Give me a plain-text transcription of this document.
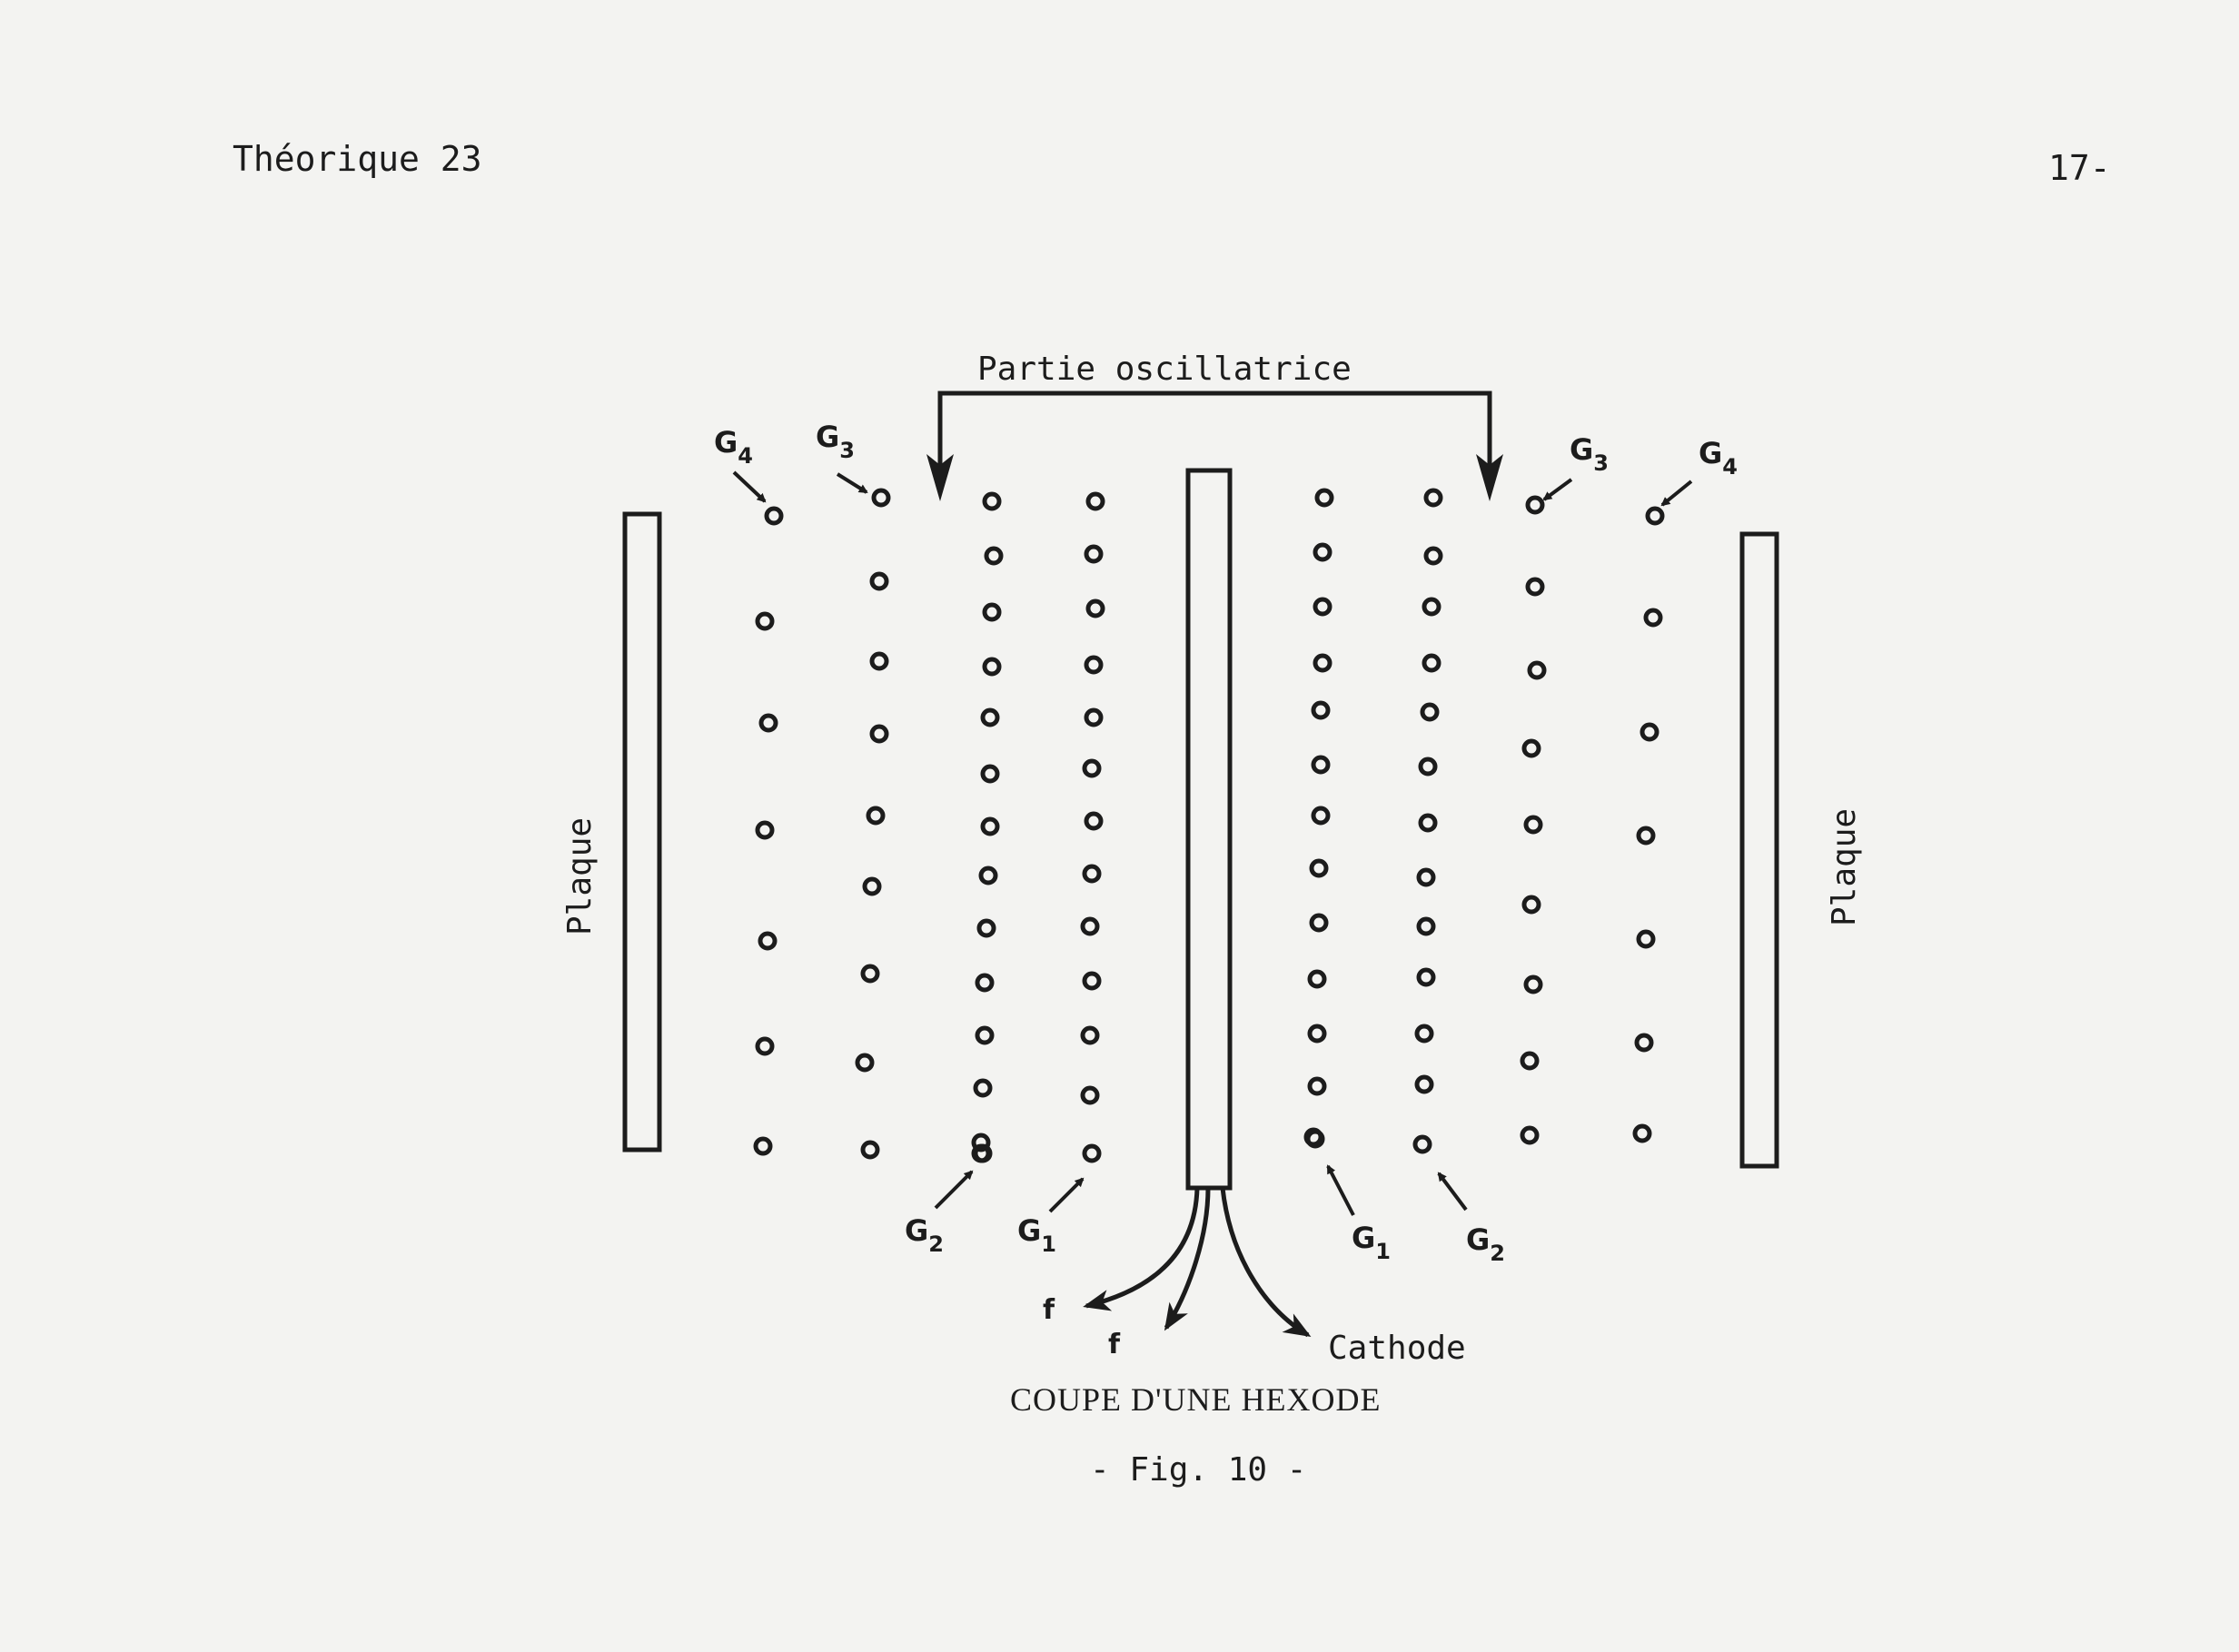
Théorique 23	17-
Partie oscillatrice
Plaque	Plaque
$G_4$
$G_3$	$G_3$	$G_4$
$G_2$	$G_1$	$G_1$	$G_2$
f
f	Cathode
COUPE D'UNE HEXODE
- Fig. 10 -
